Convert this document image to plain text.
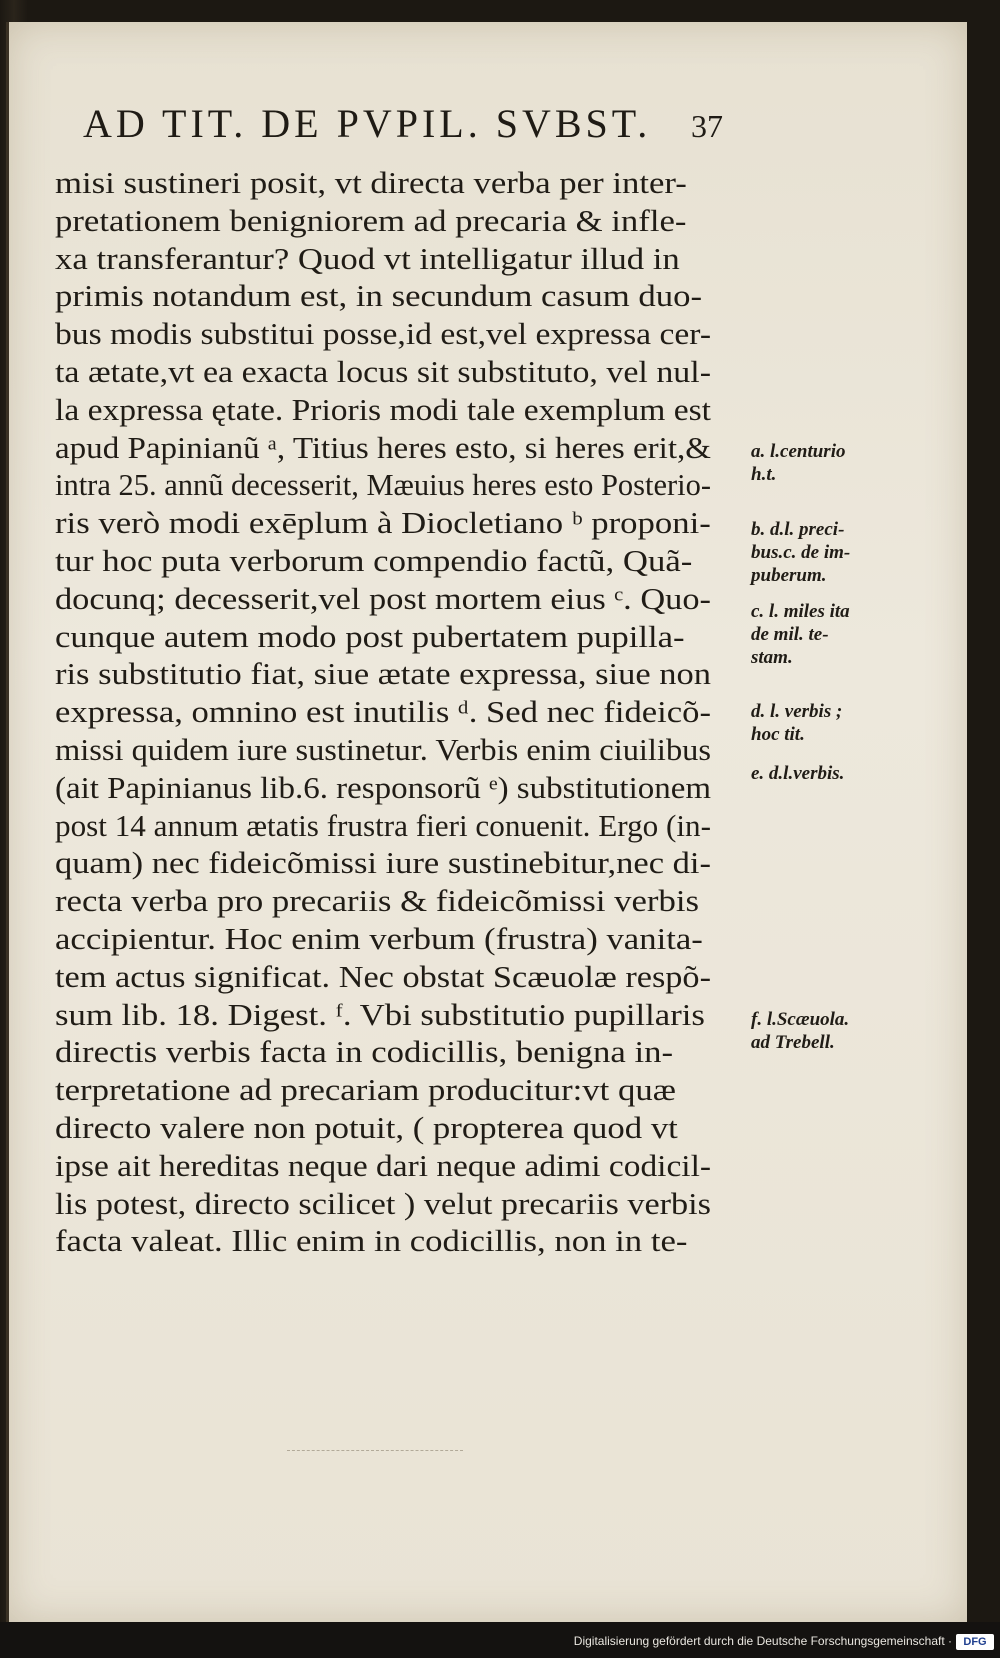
AD TIT. DE PVPIL. SVBST. 37
misi sustineri posit, vt directa verba per inter-
pretationem benigniorem ad precaria & infle-
xa transferantur? Quod vt intelligatur illud in
primis notandum est, in secundum casum duo-
bus modis substitui posse,id est,vel expressa cer-
ta ætate,vt ea exacta locus sit substituto, vel nul-
la expressa ętate. Prioris modi tale exemplum est
apud Papinianũ ᵃ, Titius heres esto, si heres erit,&
intra 25. annũ decesserit, Mæuius heres esto Posterio-
ris verò modi exēplum à Diocletiano ᵇ proponi-
tur hoc puta verborum compendio factũ, Quã-
docunq; decesserit,vel post mortem eius ᶜ. Quo-
cunque autem modo post pubertatem pupilla-
ris substitutio fiat, siue ætate expressa, siue non
expressa, omnino est inutilis ᵈ. Sed nec fideicõ-
missi quidem iure sustinetur. Verbis enim ciuilibus
(ait Papinianus lib.6. responsorũ ᵉ) substitutionem
post 14 annum ætatis frustra fieri conuenit. Ergo (in-
quam) nec fideicõmissi iure sustinebitur,nec di-
recta verba pro precariis & fideicõmissi verbis
accipientur. Hoc enim verbum (frustra) vanita-
tem actus significat. Nec obstat Scæuolæ respõ-
sum lib. 18. Digest. ᶠ. Vbi substitutio pupillaris
directis verbis facta in codicillis, benigna in-
terpretatione ad precariam producitur:vt quæ
directo valere non potuit, ( propterea quod vt
ipse ait hereditas neque dari neque adimi codicil-
lis potest, directo scilicet ) velut precariis verbis
facta valeat. Illic enim in codicillis, non in te-
a. l.centurio
h.t.
b. d.l. preci-
bus.c. de im-
puberum.
c. l. miles ita
de mil. te-
stam.
d. l. verbis ;
hoc tit.
e. d.l.verbis.
f. l.Scæuola.
ad Trebell.
Digitalisierung gefördert durch die Deutsche Forschungsgemeinschaft ·	DFG
